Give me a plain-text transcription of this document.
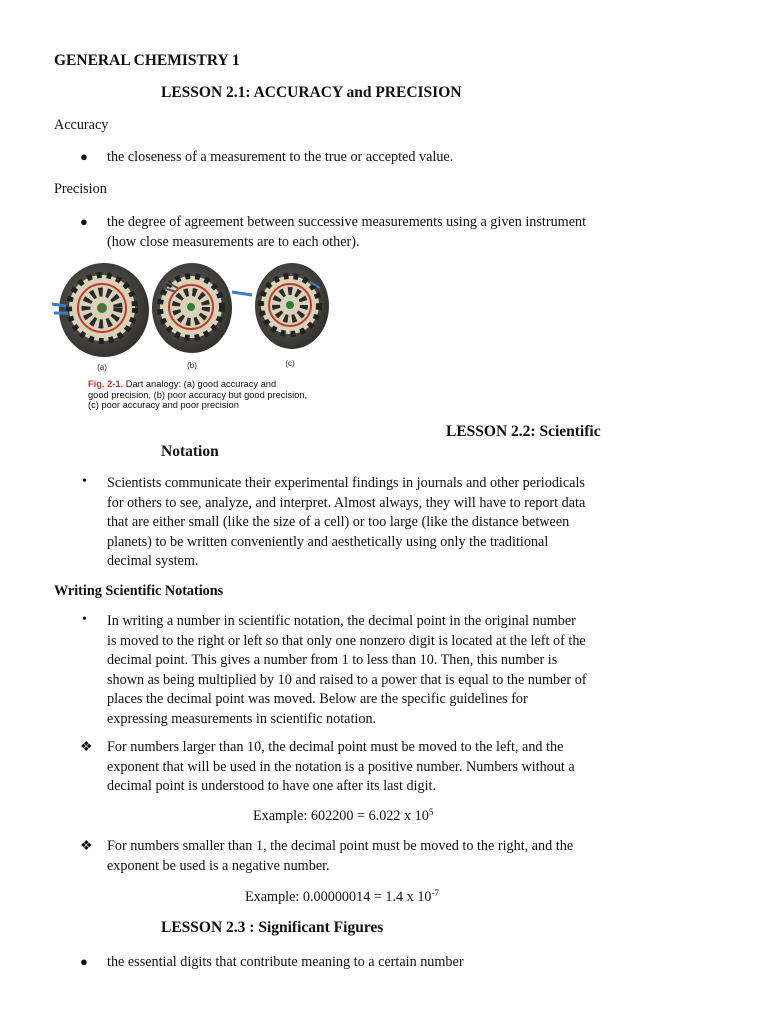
GENERAL CHEMISTRY 1
LESSON 2.1: ACCURACY and PRECISION
Accuracy
● the closeness of a measurement to the true or accepted value.
Precision
● the degree of agreement between successive measurements using a given instrument
(how close measurements are to each other).
(a)	(b)	(c)
Fig. 2-1. Dart analogy: (a) good accuracy and
good precision, (b) poor accuracy but good precision,
(c) poor accuracy and poor precision
LESSON 2.2: Scientific
Notation
• Scientists communicate their experimental findings in journals and other periodicals
for others to see, analyze, and interpret. Almost always, they will have to report data
that are either small (like the size of a cell) or too large (like the distance between
planets) to be written conveniently and aesthetically using only the traditional
decimal system.
Writing Scientific Notations
• In writing a number in scientific notation, the decimal point in the original number
is moved to the right or left so that only one nonzero digit is located at the left of the
decimal point. This gives a number from 1 to less than 10. Then, this number is
shown as being multiplied by 10 and raised to a power that is equal to the number of
places the decimal point was moved. Below are the specific guidelines for
expressing measurements in scientific notation.
❖ For numbers larger than 10, the decimal point must be moved to the left, and the
exponent that will be used in the notation is a positive number. Numbers without a
decimal point is understood to have one after its last digit.
Example: 602200 = 6.022 x $10^5$
❖ For numbers smaller than 1, the decimal point must be moved to the right, and the
exponent be used is a negative number.
Example: 0.00000014 = 1.4 x $10^{-7}$
LESSON 2.3 : Significant Figures
● the essential digits that contribute meaning to a certain number
